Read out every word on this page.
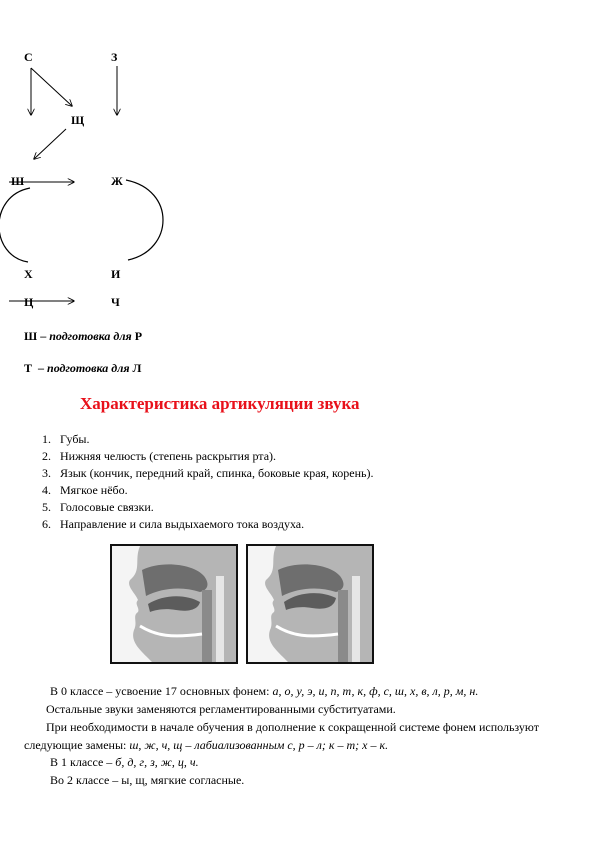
С	З
Щ
Ш	Ж
Х	И
Ц	Ч
Ш – подготовка для Р
Т – подготовка для Л
Характеристика артикуляции звука
1. Губы.
2. Нижняя челюсть (степень раскрытия рта).
3. Язык (кончик, передний край, спинка, боковые края, корень).
4. Мягкое нёбо.
5. Голосовые связки.
6. Направление и сила выдыхаемого тока воздуха.
В 0 классе – усвоение 17 основных фонем: а, о, у, э, и, п, т, к, ф, с, ш, х, в, л, р, м, н.
Остальные звуки заменяются регламентированными субституатами.
При необходимости в начале обучения в дополнение к сокращенной системе фонем используют следующие замены: ш, ж, ч, щ – лабиализованным с, р – л; к – т; х – к.
В 1 классе – б, д, г, з, ж, ц, ч.
Во 2 классе – ы, щ, мягкие согласные.
